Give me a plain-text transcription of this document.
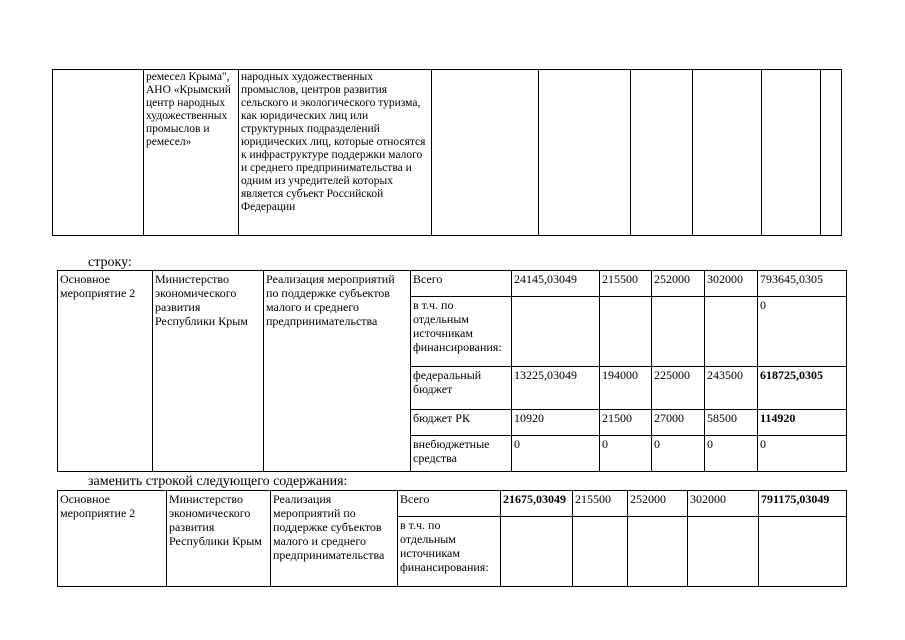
	ремесел Крыма", АНО «Крымский центр народных художественных промыслов и ремесел»	народных художественных промыслов, центров развития сельского и экологического туризма, как юридических лиц или структурных подразделений юридических лиц, которые относятся к инфраструктуре поддержки малого и среднего предпринимательства и одним из учредителей которых является субъект Российской Федерации						
строку:
Основное мероприятие 2	Министерство экономического развития Республики Крым	Реализация мероприятий по поддержке субъектов малого и среднего предпринимательства	Всего	24145,03049	215500	252000	302000	793645,0305
			в т.ч. по отдельным источникам финансирования:					0
			федеральный бюджет	13225,03049	194000	225000	243500	618725,0305
			бюджет РК	10920	21500	27000	58500	114920
			внебюджетные средства	0	0	0	0	0
заменить строкой следующего содержания:
Основное мероприятие 2	Министерство экономического развития Республики Крым	Реализация мероприятий по поддержке субъектов малого и среднего предпринимательства	Всего	21675,03049	215500	252000	302000	791175,03049
			в т.ч. по отдельным источникам финансирования:					
